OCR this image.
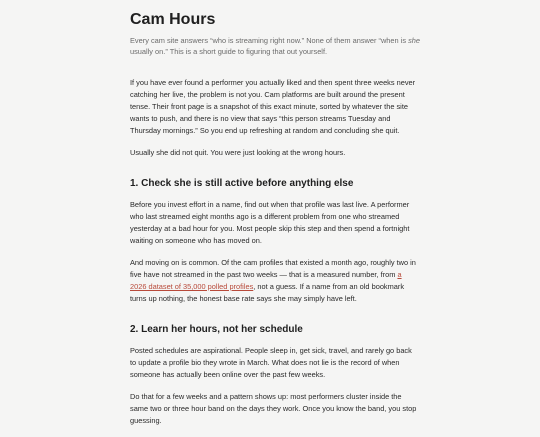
Cam Hours

Every cam site answers “who is streaming right now.” None of them answer “when is she usually on.” This is a short guide to figuring that out yourself.

If you have ever found a performer you actually liked and then spent three weeks never catching her live, the problem is not you. Cam platforms are built around the present tense. Their front page is a snapshot of this exact minute, sorted by whatever the site wants to push, and there is no view that says “this person streams Tuesday and Thursday mornings.” So you end up refreshing at random and concluding she quit.

Usually she did not quit. You were just looking at the wrong hours.

1. Check she is still active before anything else

Before you invest effort in a name, find out when that profile was last live. A performer who last streamed eight months ago is a different problem from one who streamed yesterday at a bad hour for you. Most people skip this step and then spend a fortnight waiting on someone who has moved on.

And moving on is common. Of the cam profiles that existed a month ago, roughly two in five have not streamed in the past two weeks — that is a measured number, from a 2026 dataset of 35,000 polled profiles, not a guess. If a name from an old bookmark turns up nothing, the honest base rate says she may simply have left.

2. Learn her hours, not her schedule

Posted schedules are aspirational. People sleep in, get sick, travel, and rarely go back to update a profile bio they wrote in March. What does not lie is the record of when someone has actually been online over the past few weeks.

Do that for a few weeks and a pattern shows up: most performers cluster inside the same two or three hour band on the days they work. Once you know the band, you stop guessing.
